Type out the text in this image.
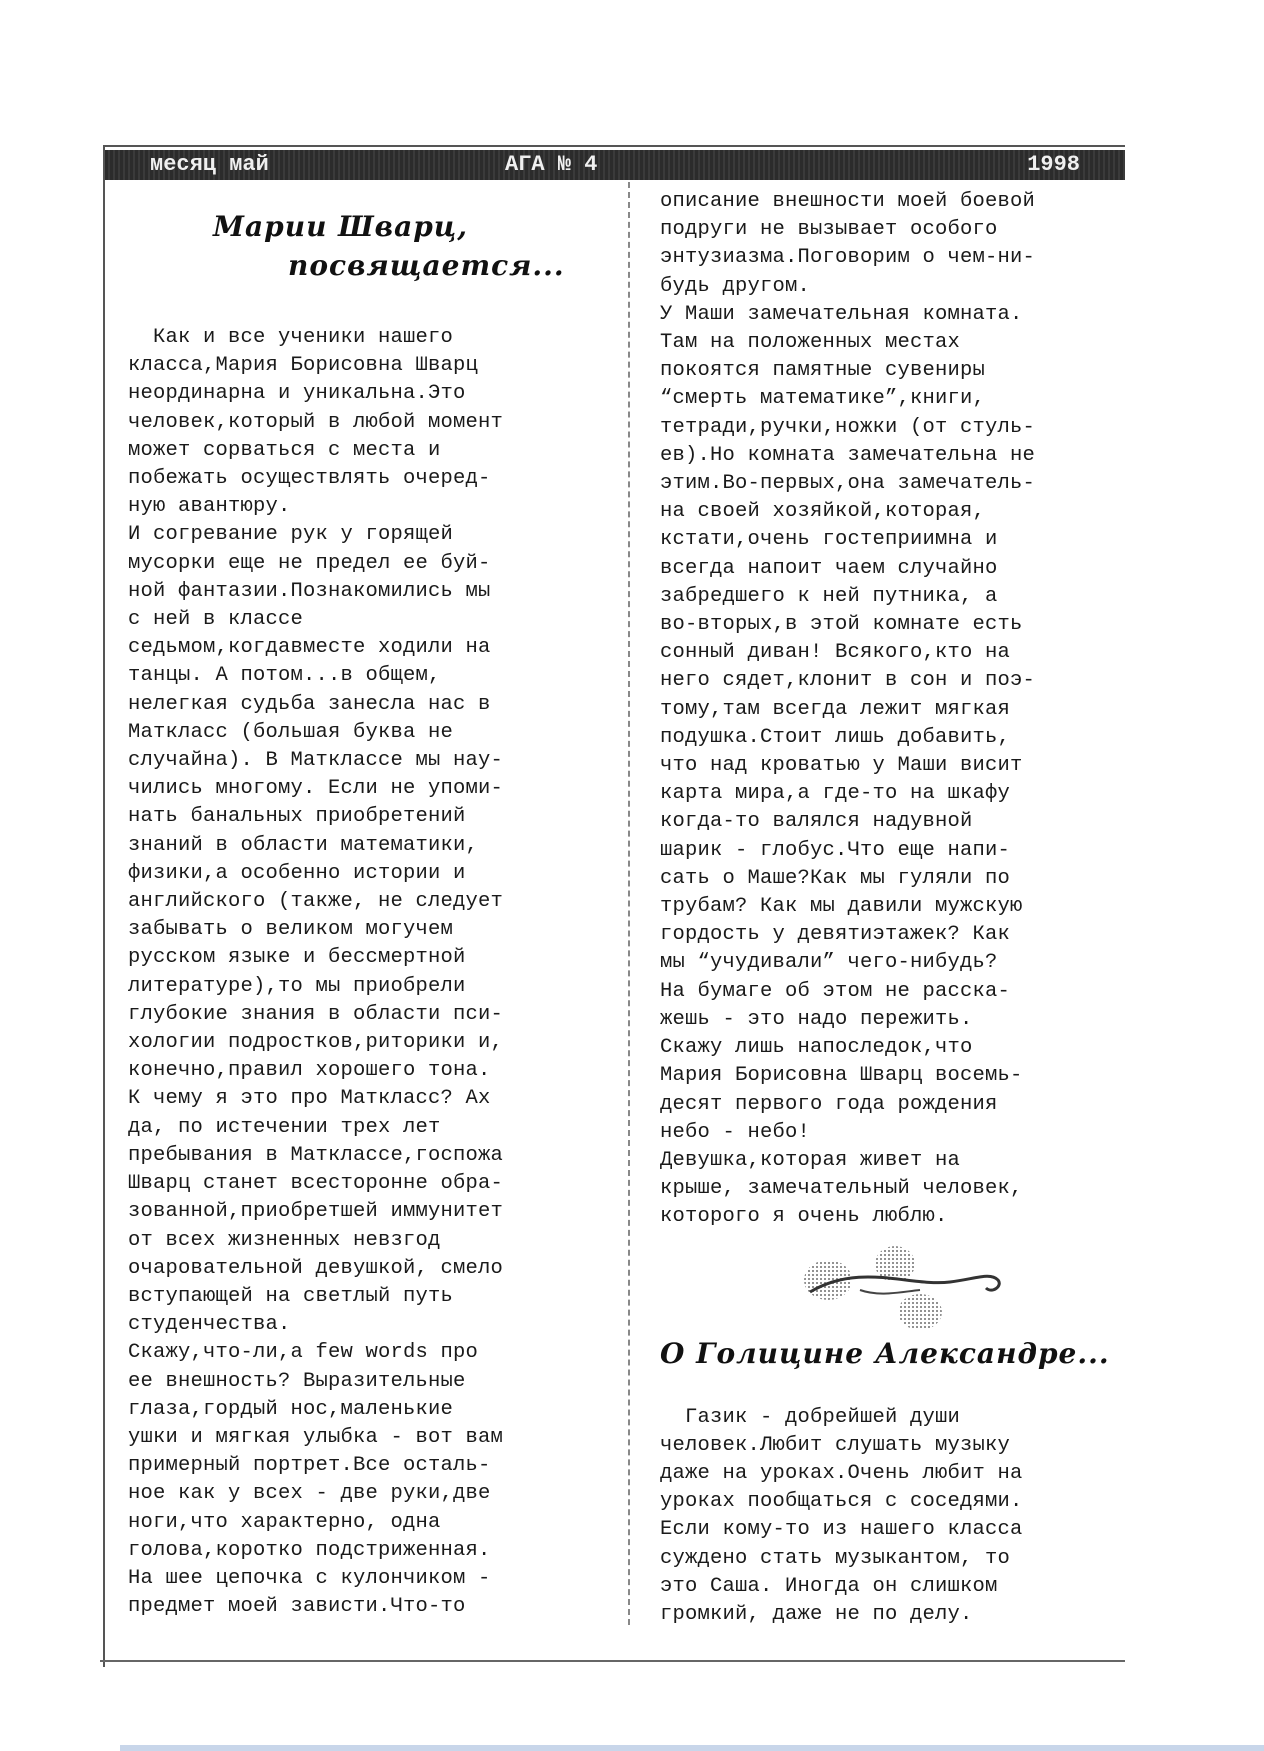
месяц май	АГА № 4	1998
Марии Шварц,
посвящается...
Как и все ученики нашего
класса,Мария Борисовна Шварц
неординарна и уникальна.Это
человек,который в любой момент
может сорваться с места и
побежать осуществлять очеред-
ную авантюру.
И согревание рук у горящей
мусорки еще не предел ее буй-
ной фантазии.Познакомились мы
с ней в классе
седьмом,когдавместе ходили на
танцы. А потом...в общем,
нелегкая судьба занесла нас в
Маткласс (большая буква не
случайна). В Маткласcе мы нау-
чились многому. Если не упоми-
нать банальных приобретений
знаний в области математики,
физики,а особенно истории и
английского (также, не следует
забывать о великом могучем
русском языке и бессмертной
литературе),то мы приобрели
глубокие знания в области пси-
хологии подростков,риторики и,
конечно,правил хорошего тона.
К чему я это про Маткласс? Ах
да, по истечении трех лет
пребывания в Маткласcе,госпожа
Шварц станет всесторонне обра-
зованной,приобретшей иммунитет
от всех жизненных невзгод
очаровательной девушкой, смело
вступающей на светлый путь
студенчества.
Скажу,что-ли,а few words про
ее внешность? Выразительные
глаза,гордый нос,маленькие
ушки и мягкая улыбка - вот вам
примерный портрет.Все осталь-
ное как у всех - две руки,две
ноги,что характерно, одна
голова,коротко подстриженная.
На шее цепочка с кулончиком -
предмет моей зависти.Что-то
описание внешности моей боевой
подруги не вызывает особого
энтузиазма.Поговорим о чем-ни-
будь другом.
У Маши замечательная комната.
Там на положенных местах
покоятся памятные сувениры
“смерть математике”,книги,
тетради,ручки,ножки (от стуль-
ев).Но комната замечательна не
этим.Во-первых,она замечатель-
на своей хозяйкой,которая,
кстати,очень гостеприимна и
всегда напоит чаем случайно
забредшего к ней путника, а
во-вторых,в этой комнате есть
сонный диван! Всякого,кто на
него сядет,клонит в сон и поэ-
тому,там всегда лежит мягкая
подушка.Стоит лишь добавить,
что над кроватью у Маши висит
карта мира,а где-то на шкафу
когда-то валялся надувной
шарик - глобус.Что еще напи-
сать о Маше?Как мы гуляли по
трубам? Как мы давили мужскую
гордость у девятиэтажек? Как
мы “учудивали” чего-нибудь?
На бумаге об этом не расска-
жешь - это надо пережить.
Скажу лишь напоследок,что
Мария Борисовна Шварц восемь-
десят первого года рождения
небо - небо!
Девушка,которая живет на
крыше, замечательный человек,
которого я очень люблю.
О Голицине Александре...
Газик - добрейшей души
человек.Любит слушать музыку
даже на уроках.Очень любит на
уроках пообщаться с соседями.
Если кому-то из нашего класса
суждено стать музыкантом, то
это Саша. Иногда он слишком
громкий, даже не по делу.
